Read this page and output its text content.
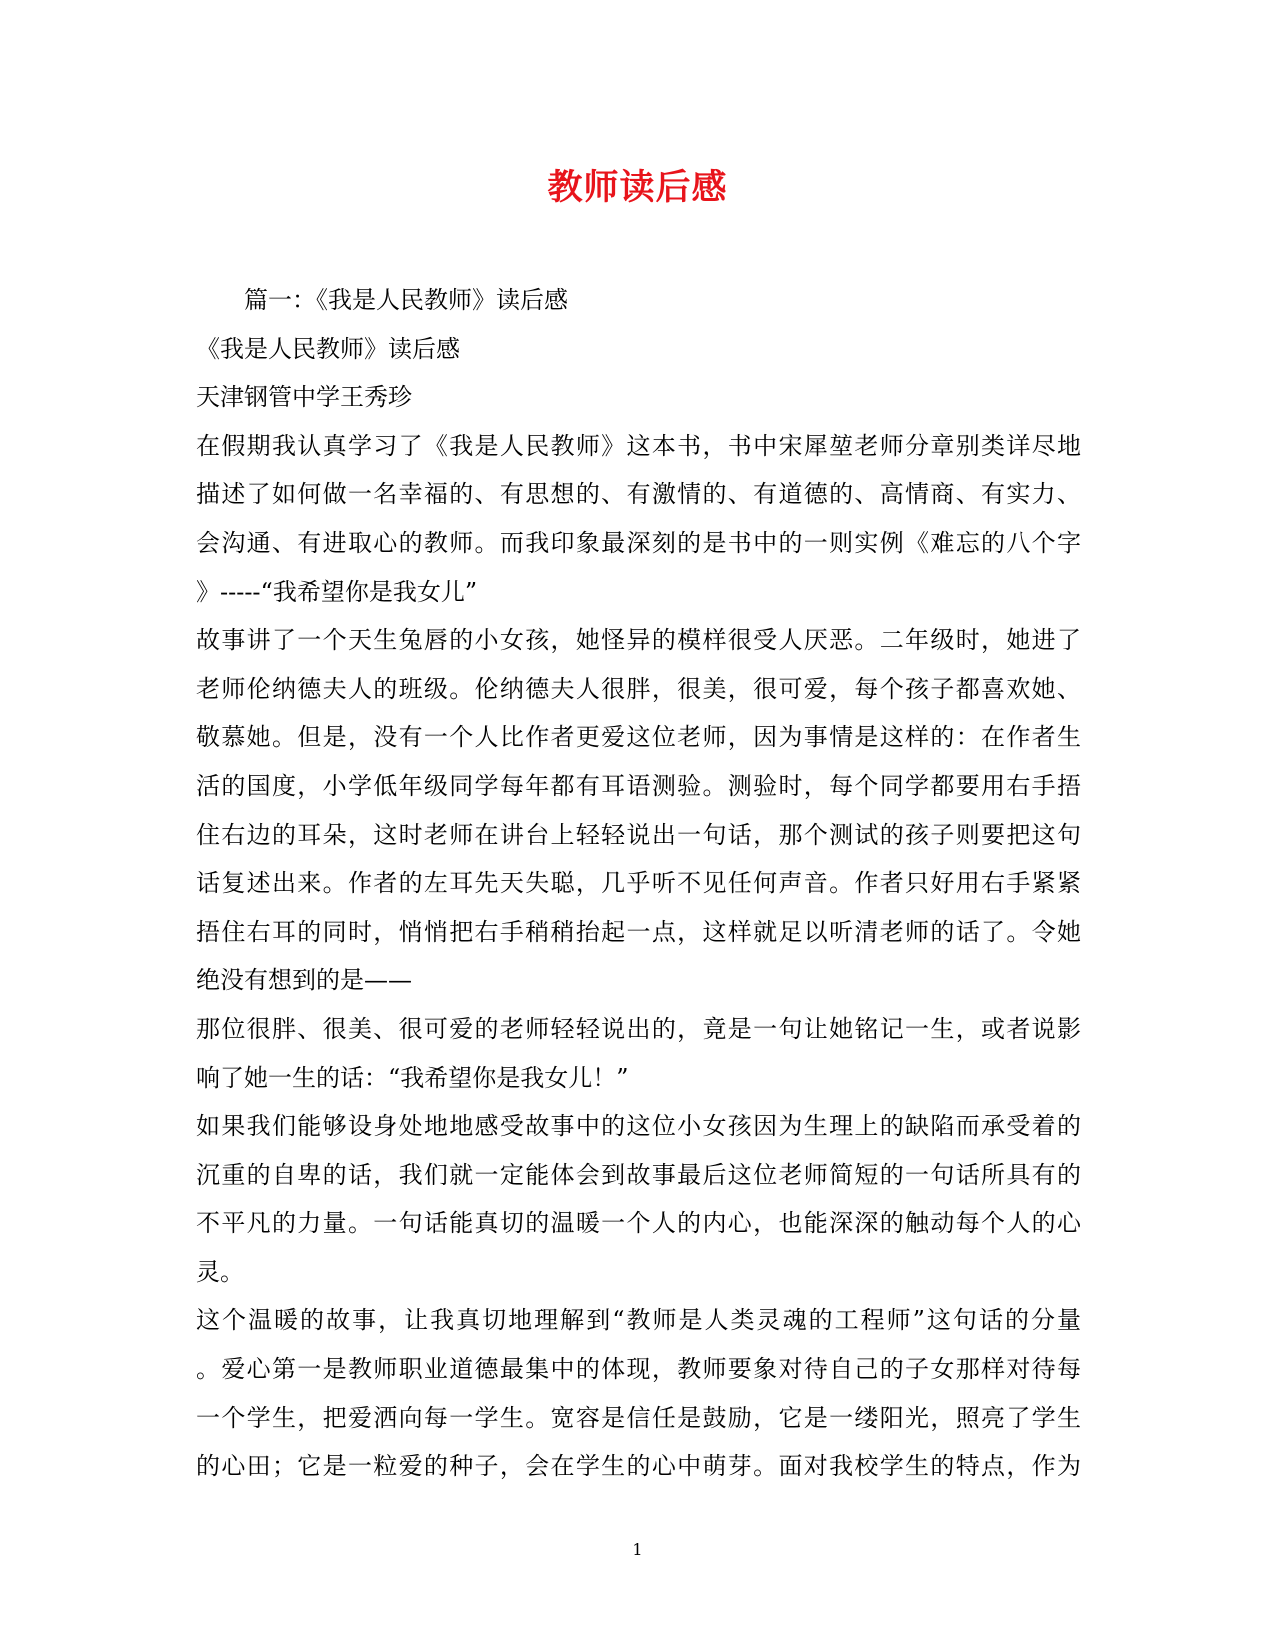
教师读后感
篇一：《我是人民教师》读后感
《我是人民教师》读后感
天津钢管中学王秀珍
在假期我认真学习了《我是人民教师》这本书，书中宋犀堃老师分章别类详尽地
描述了如何做一名幸福的、有思想的、有激情的、有道德的、高情商、有实力、
会沟通、有进取心的教师。而我印象最深刻的是书中的一则实例《难忘的八个字
》-----“我希望你是我女儿”
故事讲了一个天生兔唇的小女孩，她怪异的模样很受人厌恶。二年级时，她进了
老师伦纳德夫人的班级。伦纳德夫人很胖，很美，很可爱，每个孩子都喜欢她、
敬慕她。但是，没有一个人比作者更爱这位老师，因为事情是这样的：在作者生
活的国度，小学低年级同学每年都有耳语测验。测验时，每个同学都要用右手捂
住右边的耳朵，这时老师在讲台上轻轻说出一句话，那个测试的孩子则要把这句
话复述出来。作者的左耳先天失聪，几乎听不见任何声音。作者只好用右手紧紧
捂住右耳的同时，悄悄把右手稍稍抬起一点，这样就足以听清老师的话了。令她
绝没有想到的是——
那位很胖、很美、很可爱的老师轻轻说出的，竟是一句让她铭记一生，或者说影
响了她一生的话：“我希望你是我女儿！”
如果我们能够设身处地地感受故事中的这位小女孩因为生理上的缺陷而承受着的
沉重的自卑的话，我们就一定能体会到故事最后这位老师简短的一句话所具有的
不平凡的力量。一句话能真切的温暖一个人的内心，也能深深的触动每个人的心
灵。
这个温暖的故事，让我真切地理解到“教师是人类灵魂的工程师”这句话的分量
。爱心第一是教师职业道德最集中的体现，教师要象对待自己的子女那样对待每
一个学生，把爱洒向每一学生。宽容是信任是鼓励，它是一缕阳光，照亮了学生
的心田；它是一粒爱的种子，会在学生的心中萌芽。面对我校学生的特点，作为
1
